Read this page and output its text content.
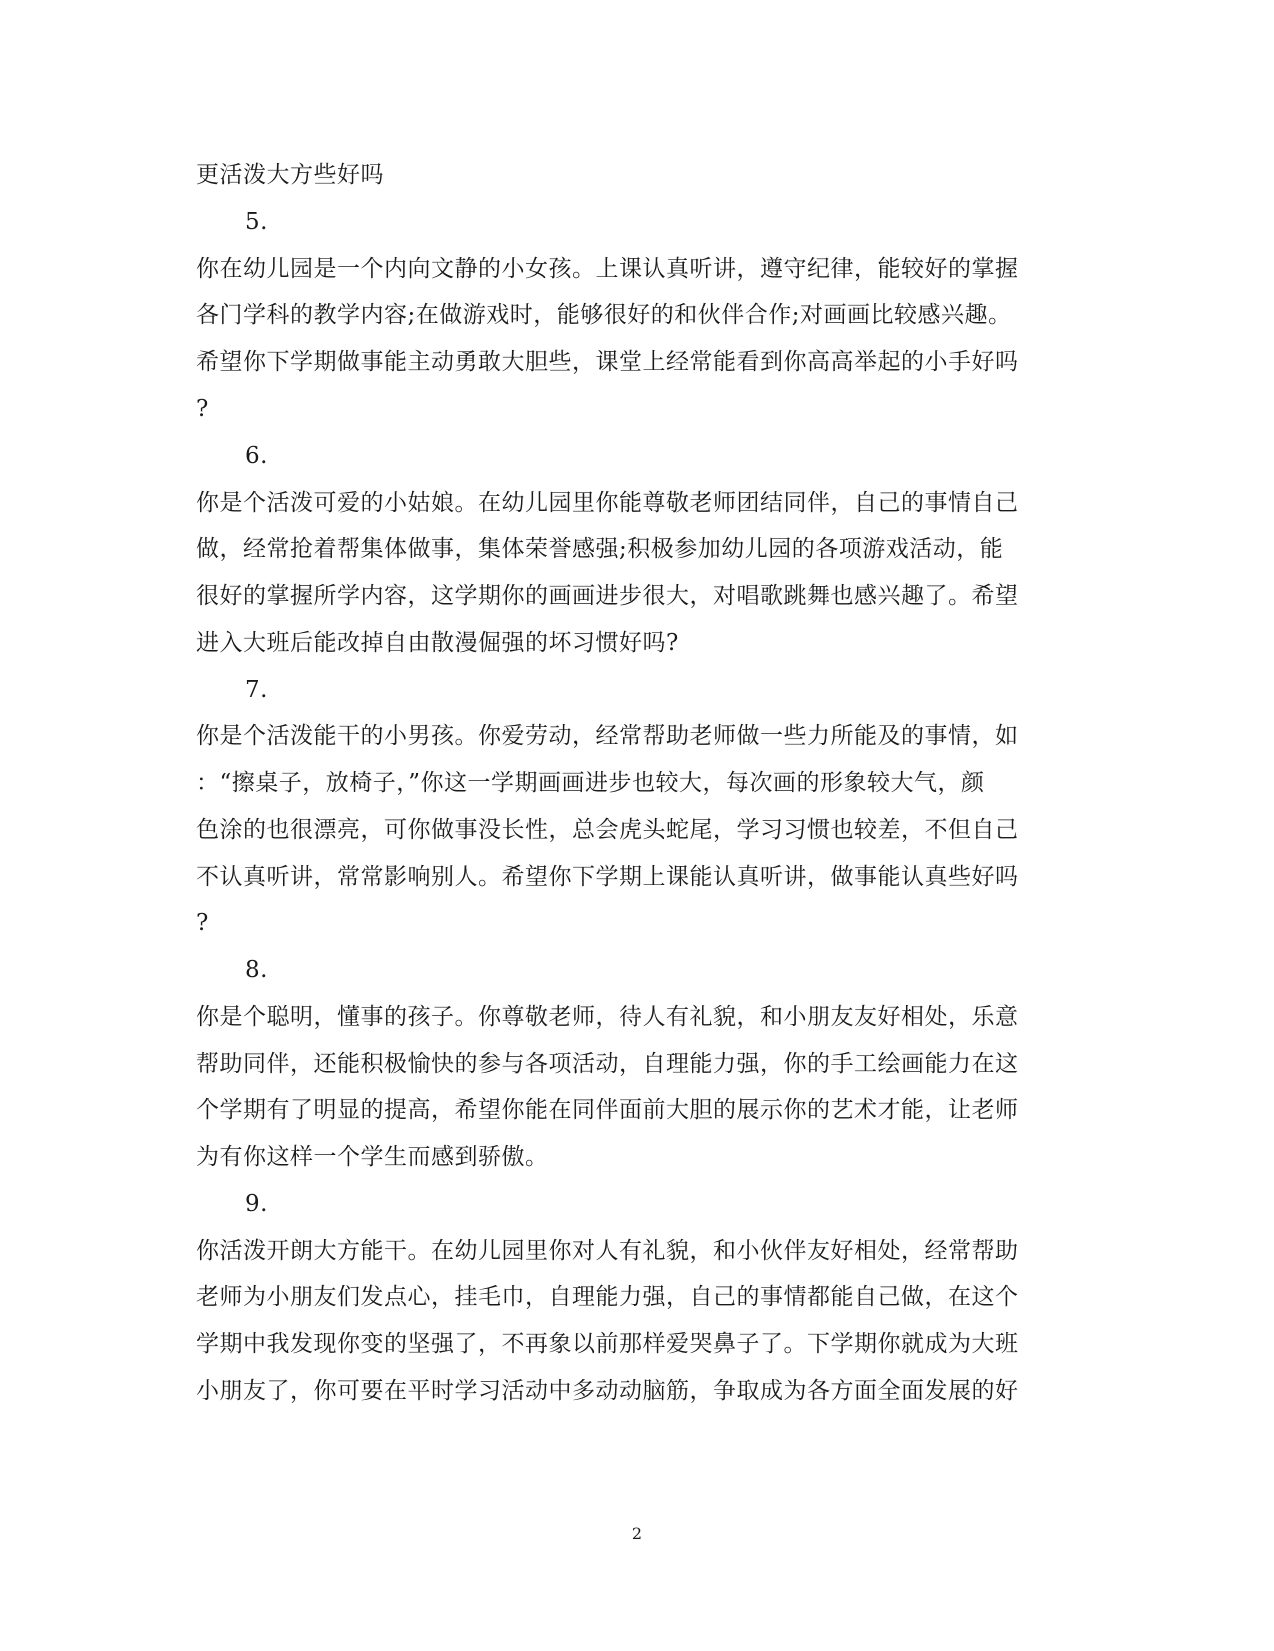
更活泼大方些好吗
5.
你在幼儿园是一个内向文静的小女孩。上课认真听讲，遵守纪律，能较好的掌握
各门学科的教学内容;在做游戏时，能够很好的和伙伴合作;对画画比较感兴趣。
希望你下学期做事能主动勇敢大胆些，课堂上经常能看到你高高举起的小手好吗
?
6.
你是个活泼可爱的小姑娘。在幼儿园里你能尊敬老师团结同伴，自己的事情自己
做，经常抢着帮集体做事，集体荣誉感强;积极参加幼儿园的各项游戏活动，能
很好的掌握所学内容，这学期你的画画进步很大，对唱歌跳舞也感兴趣了。希望
进入大班后能改掉自由散漫倔强的坏习惯好吗?
7.
你是个活泼能干的小男孩。你爱劳动，经常帮助老师做一些力所能及的事情，如
：“擦桌子，放椅子，”你这一学期画画进步也较大，每次画的形象较大气，颜
色涂的也很漂亮，可你做事没长性，总会虎头蛇尾，学习习惯也较差，不但自己
不认真听讲，常常影响别人。希望你下学期上课能认真听讲，做事能认真些好吗
?
8.
你是个聪明，懂事的孩子。你尊敬老师，待人有礼貌，和小朋友友好相处，乐意
帮助同伴，还能积极愉快的参与各项活动，自理能力强，你的手工绘画能力在这
个学期有了明显的提高，希望你能在同伴面前大胆的展示你的艺术才能，让老师
为有你这样一个学生而感到骄傲。
9.
你活泼开朗大方能干。在幼儿园里你对人有礼貌，和小伙伴友好相处，经常帮助
老师为小朋友们发点心，挂毛巾，自理能力强，自己的事情都能自己做，在这个
学期中我发现你变的坚强了，不再象以前那样爱哭鼻子了。下学期你就成为大班
小朋友了，你可要在平时学习活动中多动动脑筋，争取成为各方面全面发展的好
2
